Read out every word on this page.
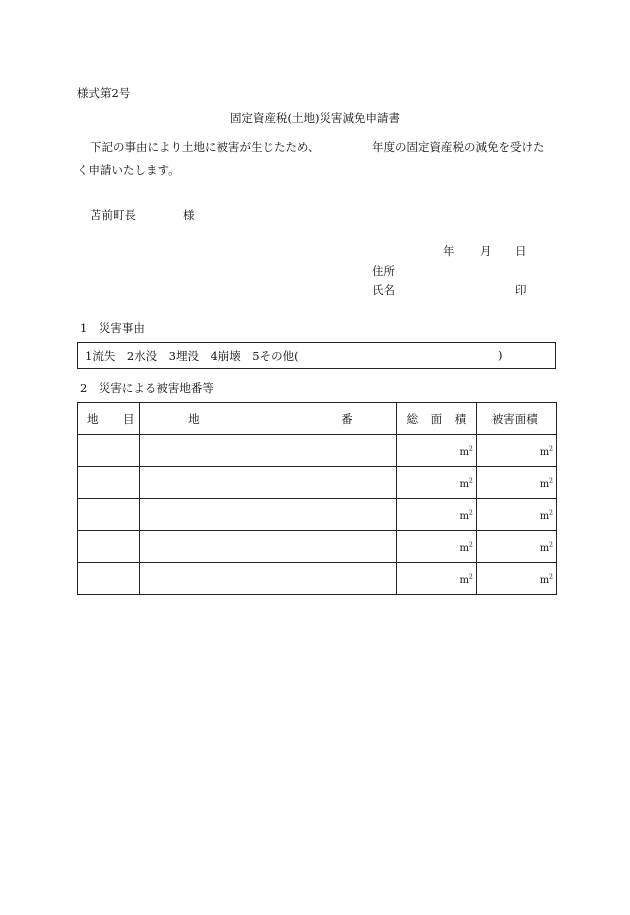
様式第2号
固定資産税(土地)災害減免申請書
下記の事由により土地に被害が生じたため、	年度の固定資産税の減免を受けた
く申請いたします。
苫前町長	様
年 月 日
住所
氏名	印
1　災害事由
1流失　2水没　3埋没　4崩壊　5その他(	)
2　災害による被害地番等
地 目	地 番	総 面 積	被害面積

		$m^2$	$m^2$
		$m^2$	$m^2$
		$m^2$	$m^2$
		$m^2$	$m^2$
		$m^2$	$m^2$
